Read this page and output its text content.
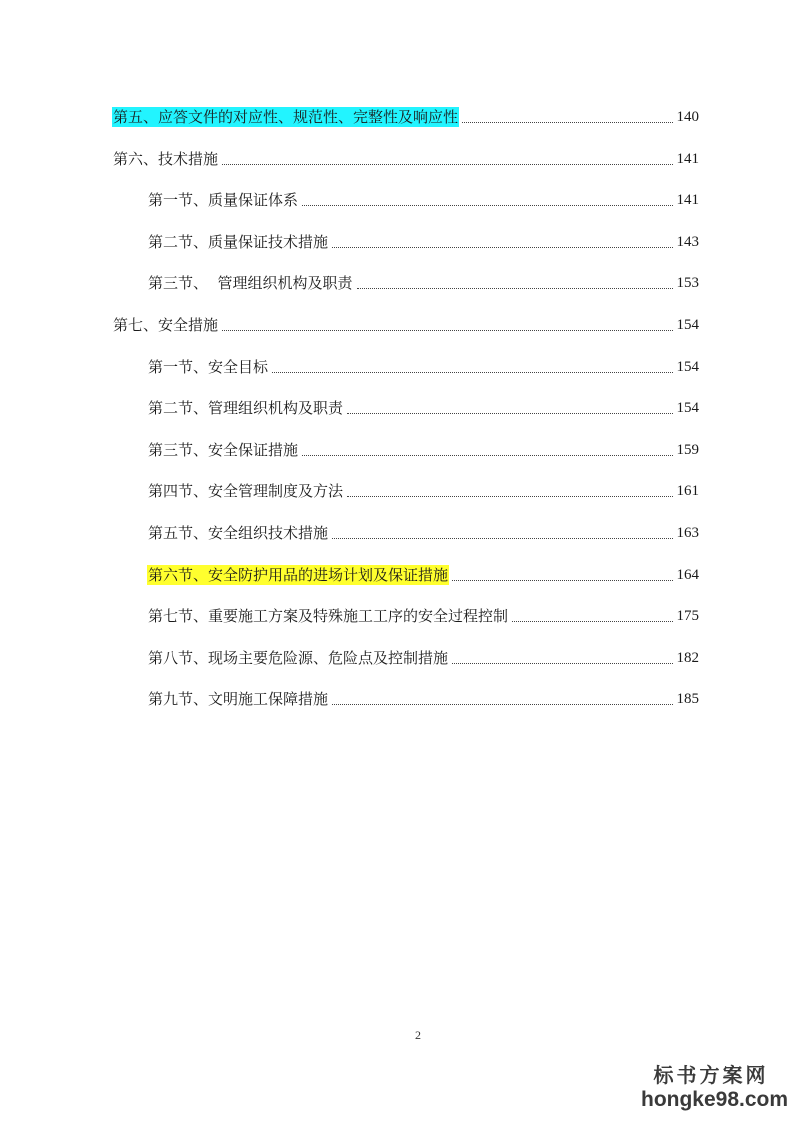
第五、应答文件的对应性、规范性、完整性及响应性	140
第六、技术措施	141
第一节、质量保证体系	141
第二节、质量保证技术措施	143
第三节、  管理组织机构及职责	153
第七、安全措施	154
第一节、安全目标	154
第二节、管理组织机构及职责	154
第三节、安全保证措施	159
第四节、安全管理制度及方法	161
第五节、安全组织技术措施	163
第六节、安全防护用品的进场计划及保证措施	164
第七节、重要施工方案及特殊施工工序的安全过程控制	175
第八节、现场主要危险源、危险点及控制措施	182
第九节、文明施工保障措施	185
2
标书方案网
hongke98.com
